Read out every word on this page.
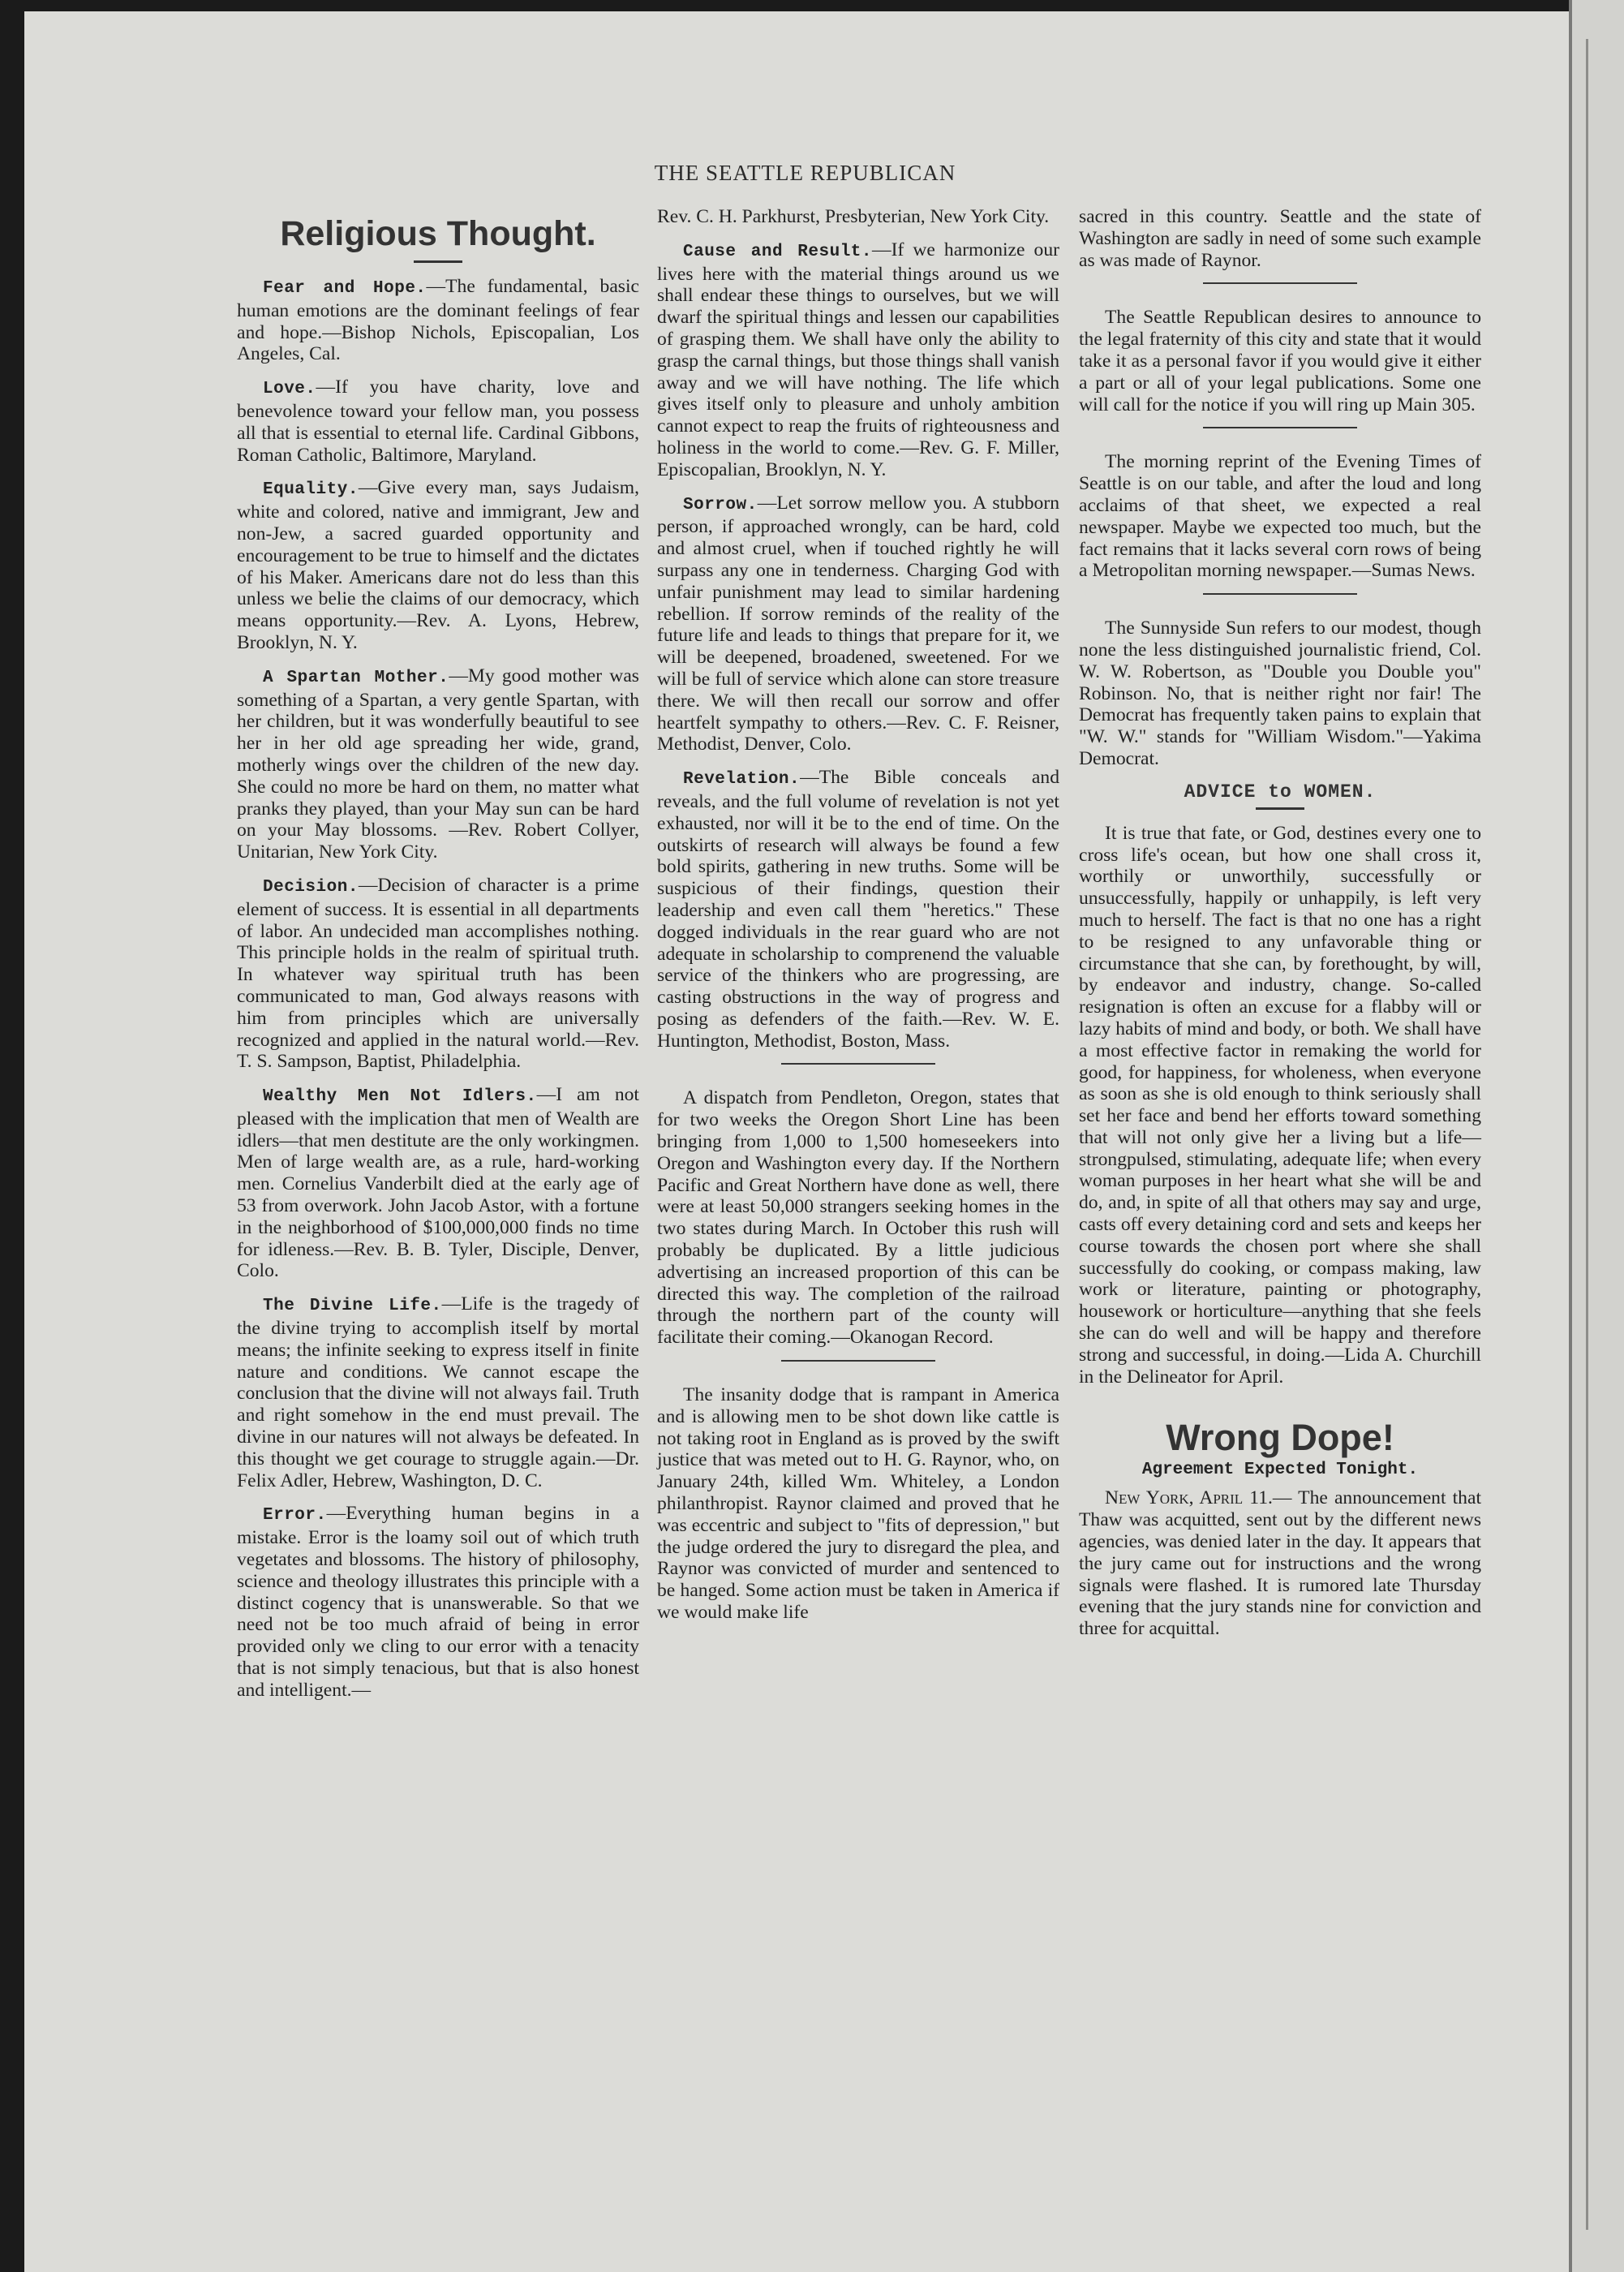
THE SEATTLE REPUBLICAN
Religious Thought.

Fear and Hope.—The fundamental, basic human emotions are the dominant feelings of fear and hope.—Bishop Nichols, Episcopalian, Los Angeles, Cal.

Love.—If you have charity, love and benevolence toward your fellow man, you possess all that is essential to eternal life. Cardinal Gibbons, Roman Catholic, Baltimore, Maryland.

Equality.—Give every man, says Judaism, white and colored, native and immigrant, Jew and non-Jew, a sacred guarded opportunity and encouragement to be true to himself and the dictates of his Maker. Americans dare not do less than this unless we belie the claims of our democracy, which means opportunity.—Rev. A. Lyons, Hebrew, Brooklyn, N. Y.

A Spartan Mother.—My good mother was something of a Spartan, a very gentle Spartan, with her children, but it was wonderfully beautiful to see her in her old age spreading her wide, grand, motherly wings over the children of the new day. She could no more be hard on them, no matter what pranks they played, than your May sun can be hard on your May blossoms. —Rev. Robert Collyer, Unitarian, New York City.

Decision.—Decision of character is a prime element of success. It is essential in all departments of labor. An undecided man accomplishes nothing. This principle holds in the realm of spiritual truth. In whatever way spiritual truth has been communicated to man, God always reasons with him from principles which are universally recognized and applied in the natural world.—Rev. T. S. Sampson, Baptist, Philadelphia.

Wealthy Men Not Idlers.—I am not pleased with the implication that men of Wealth are idlers—that men destitute are the only workingmen. Men of large wealth are, as a rule, hard-working men. Cornelius Vanderbilt died at the early age of 53 from overwork. John Jacob Astor, with a fortune in the neighborhood of $100,000,000 finds no time for idleness.—Rev. B. B. Tyler, Disciple, Denver, Colo.

The Divine Life.—Life is the tragedy of the divine trying to accomplish itself by mortal means; the infinite seeking to express itself in finite nature and conditions. We cannot escape the conclusion that the divine will not always fail. Truth and right somehow in the end must prevail. The divine in our natures will not always be defeated. In this thought we get courage to struggle again.—Dr. Felix Adler, Hebrew, Washington, D. C.

Error.—Everything human begins in a mistake. Error is the loamy soil out of which truth vegetates and blossoms. The history of philosophy, science and theology illustrates this principle with a distinct cogency that is unanswerable. So that we need not be too much afraid of being in error provided only we cling to our error with a tenacity that is not simply tenacious, but that is also honest and intelligent.—

Rev. C. H. Parkhurst, Presbyterian, New York City.

Cause and Result.—If we harmonize our lives here with the material things around us we shall endear these things to ourselves, but we will dwarf the spiritual things and lessen our capabilities of grasping them. We shall have only the ability to grasp the carnal things, but those things shall vanish away and we will have nothing. The life which gives itself only to pleasure and unholy ambition cannot expect to reap the fruits of righteousness and holiness in the world to come.—Rev. G. F. Miller, Episcopalian, Brooklyn, N. Y.

Sorrow.—Let sorrow mellow you. A stubborn person, if approached wrongly, can be hard, cold and almost cruel, when if touched rightly he will surpass any one in tenderness. Charging God with unfair punishment may lead to similar hardening rebellion. If sorrow reminds of the reality of the future life and leads to things that prepare for it, we will be deepened, broadened, sweetened. For we will be full of service which alone can store treasure there. We will then recall our sorrow and offer heartfelt sympathy to others.—Rev. C. F. Reisner, Methodist, Denver, Colo.

Revelation.—The Bible conceals and reveals, and the full volume of revelation is not yet exhausted, nor will it be to the end of time. On the outskirts of research will always be found a few bold spirits, gathering in new truths. Some will be suspicious of their findings, question their leadership and even call them "heretics." These dogged individuals in the rear guard who are not adequate in scholarship to comprenend the valuable service of the thinkers who are progressing, are casting obstructions in the way of progress and posing as defenders of the faith.—Rev. W. E. Huntington, Methodist, Boston, Mass.

A dispatch from Pendleton, Oregon, states that for two weeks the Oregon Short Line has been bringing from 1,000 to 1,500 homeseekers into Oregon and Washington every day. If the Northern Pacific and Great Northern have done as well, there were at least 50,000 strangers seeking homes in the two states during March. In October this rush will probably be duplicated. By a little judicious advertising an increased proportion of this can be directed this way. The completion of the railroad through the northern part of the county will facilitate their coming.—Okanogan Record.

The insanity dodge that is rampant in America and is allowing men to be shot down like cattle is not taking root in England as is proved by the swift justice that was meted out to H. G. Raynor, who, on January 24th, killed Wm. Whiteley, a London philanthropist. Raynor claimed and proved that he was eccentric and subject to "fits of depression," but the judge ordered the jury to disregard the plea, and Raynor was convicted of murder and sentenced to be hanged. Some action must be taken in America if we would make life

sacred in this country. Seattle and the state of Washington are sadly in need of some such example as was made of Raynor.

The Seattle Republican desires to announce to the legal fraternity of this city and state that it would take it as a personal favor if you would give it either a part or all of your legal publications. Some one will call for the notice if you will ring up Main 305.

The morning reprint of the Evening Times of Seattle is on our table, and after the loud and long acclaims of that sheet, we expected a real newspaper. Maybe we expected too much, but the fact remains that it lacks several corn rows of being a Metropolitan morning newspaper.—Sumas News.

The Sunnyside Sun refers to our modest, though none the less distinguished journalistic friend, Col. W. W. Robertson, as "Double you Double you" Robinson. No, that is neither right nor fair! The Democrat has frequently taken pains to explain that "W. W." stands for "William Wisdom."—Yakima Democrat.

ADVICE to WOMEN.

It is true that fate, or God, destines every one to cross life's ocean, but how one shall cross it, worthily or unworthily, successfully or unsuccessfully, happily or unhappily, is left very much to herself. The fact is that no one has a right to be resigned to any unfavorable thing or circumstance that she can, by forethought, by will, by endeavor and industry, change. So-called resignation is often an excuse for a flabby will or lazy habits of mind and body, or both. We shall have a most effective factor in remaking the world for good, for happiness, for wholeness, when everyone as soon as she is old enough to think seriously shall set her face and bend her efforts toward something that will not only give her a living but a life—strongpulsed, stimulating, adequate life; when every woman purposes in her heart what she will be and do, and, in spite of all that others may say and urge, casts off every detaining cord and sets and keeps her course towards the chosen port where she shall successfully do cooking, or compass making, law work or literature, painting or photography, housework or horticulture—anything that she feels she can do well and will be happy and therefore strong and successful, in doing.—Lida A. Churchill in the Delineator for April.

Wrong Dope!
Agreement Expected Tonight.

New York, April 11.— The announcement that Thaw was acquitted, sent out by the different news agencies, was denied later in the day. It appears that the jury came out for instructions and the wrong signals were flashed. It is rumored late Thursday evening that the jury stands nine for conviction and three for acquittal.
